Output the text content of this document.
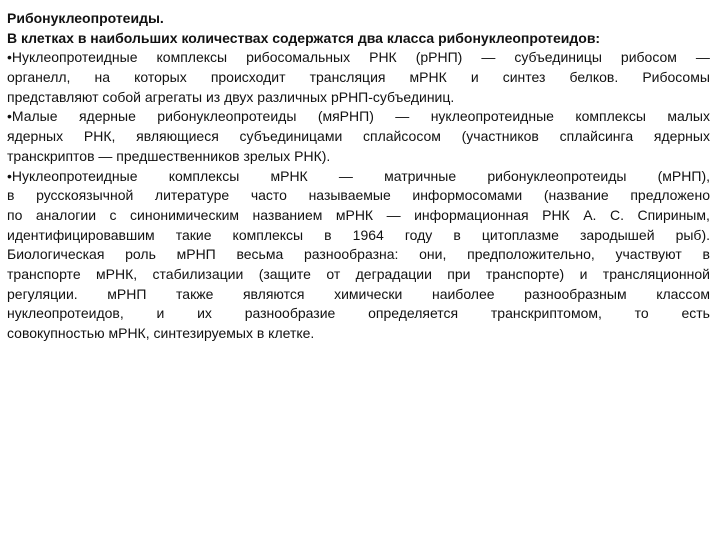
Рибонуклеопротеиды.
В клетках в наибольших количествах содержатся два класса рибонуклеопротеидов:
•Нуклеопротеидные комплексы рибосомальных РНК (рРНП) — субъединицы рибосом —
органелл, на которых происходит трансляция мРНК и синтез белков. Рибосомы
представляют собой агрегаты из двух различных рРНП-субъединиц.
•Малые ядерные рибонуклеопротеиды (мяРНП) — нуклеопротеидные комплексы малых
ядерных РНК, являющиеся субъединицами сплайсосом (участников сплайсинга ядерных
транскриптов — предшественников зрелых РНК).
•Нуклеопротеидные комплексы мРНК — матричные рибонуклеопротеиды (мРНП),
в русскоязычной литературе часто называемые информосомами (название предложено
по аналогии с синонимическим названием мРНК — информационная РНК А. С. Спириным,
идентифицировавшим такие комплексы в 1964 году в цитоплазме зародышей рыб).
Биологическая роль мРНП весьма разнообразна: они, предположительно, участвуют в
транспорте мРНК, стабилизации (защите от деградации при транспорте) и трансляционной
регуляции. мРНП также являются химически наиболее разнообразным классом
нуклеопротеидов, и их разнообразие определяется транскриптомом, то есть
совокупностью мРНК, синтезируемых в клетке.
